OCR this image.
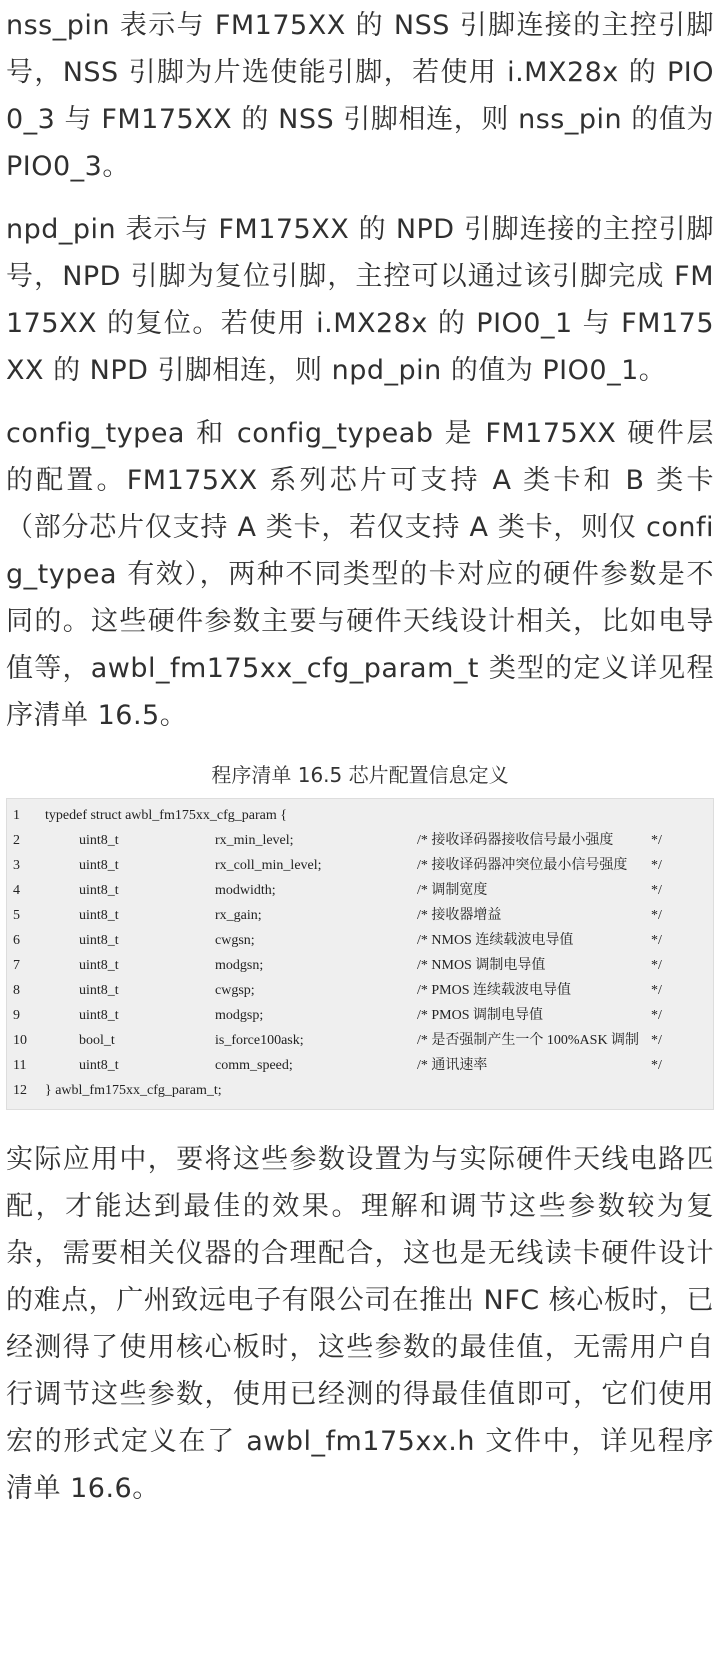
nss_pin 表示与 FM175XX 的 NSS 引脚连接的主控引脚号，NSS 引脚为片选使能引脚，若使用 i.MX28x 的 PIO0_3 与 FM175XX 的 NSS 引脚相连，则 nss_pin 的值为 PIO0_3。

npd_pin 表示与 FM175XX 的 NPD 引脚连接的主控引脚号，NPD 引脚为复位引脚，主控可以通过该引脚完成 FM175XX 的复位。若使用 i.MX28x 的 PIO0_1 与 FM175XX 的 NPD 引脚相连，则 npd_pin 的值为 PIO0_1。

config_typea 和 config_typeab 是 FM175XX 硬件层的配置。FM175XX 系列芯片可支持 A 类卡和 B 类卡（部分芯片仅支持 A 类卡，若仅支持 A 类卡，则仅 config_typea 有效），两种不同类型的卡对应的硬件参数是不同的。这些硬件参数主要与硬件天线设计相关，比如电导值等，awbl_fm175xx_cfg_param_t 类型的定义详见程序清单 16.5。

程序清单 16.5 芯片配置信息定义
1 typedef struct awbl_fm175xx_cfg_param {
2	uint8_t	rx_min_level;	/* 接收译码器接收信号最小强度	*/
3	uint8_t	rx_coll_min_level;	/* 接收译码器冲突位最小信号强度 */
4	uint8_t	modwidth;	/* 调制宽度	*/
5	uint8_t	rx_gain;	/* 接收器增益	*/
6	uint8_t	cwgsn;	/* NMOS 连续载波电导值	*/
7	uint8_t	modgsn;	/* NMOS 调制电导值	*/
8	uint8_t	cwgsp;	/* PMOS 连续载波电导值	*/
9	uint8_t	modgsp;	/* PMOS 调制电导值	*/
10	bool_t	is_force100ask;	/* 是否强制产生一个 100%ASK 调制 */
11	uint8_t	comm_speed;	/* 通讯速率	*/
12 } awbl_fm175xx_cfg_param_t;

实际应用中，要将这些参数设置为与实际硬件天线电路匹配，才能达到最佳的效果。理解和调节这些参数较为复杂，需要相关仪器的合理配合，这也是无线读卡硬件设计的难点，广州致远电子有限公司在推出 NFC 核心板时，已经测得了使用核心板时，这些参数的最佳值，无需用户自行调节这些参数，使用已经测的得最佳值即可，它们使用宏的形式定义在了 awbl_fm175xx.h 文件中，详见程序清单 16.6。
